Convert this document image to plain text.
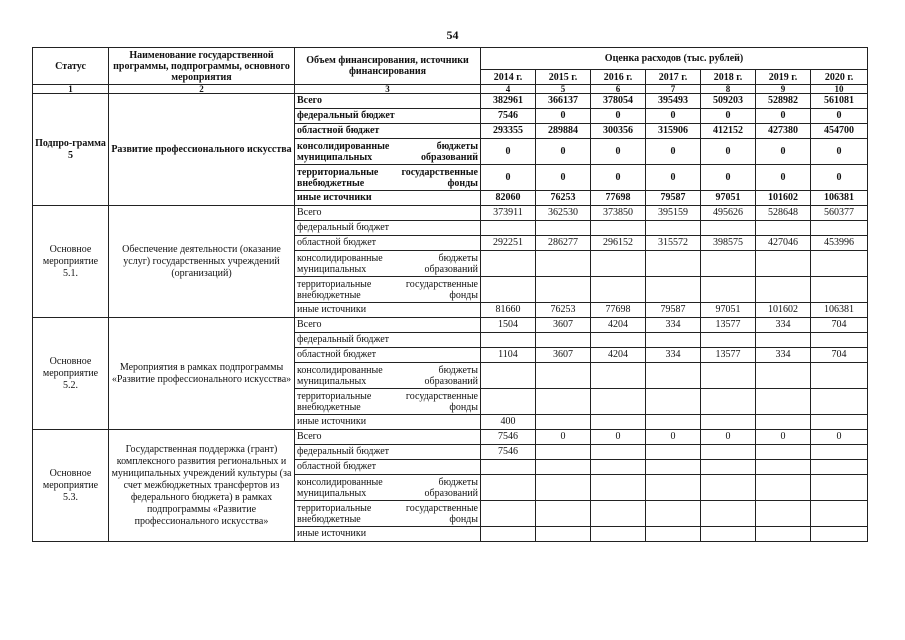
54
Статус	Наименование государственной программы, подпрограммы, основного мероприятия	Объем финансирования, источники финансирования	Оценка расходов (тыс. рублей)						
			2014 г.	2015 г.	2016 г.	2017 г.	2018 г.	2019 г.	2020 г.
1	2	3	4	5	6	7	8	9	10
Подпро-грамма 5	Развитие профессионального искусства	Всего	382961	366137	378054	395493	509203	528982	561081
		федеральный бюджет	7546	0	0	0	0	0	0
		областной бюджет	293355	289884	300356	315906	412152	427380	454700
		консолидированные бюджеты муниципальных образований	0	0	0	0	0	0	0
		территориальные государственные внебюджетные фонды	0	0	0	0	0	0	0
		иные источники	82060	76253	77698	79587	97051	101602	106381
Основное мероприятие 5.1.	Обеспечение деятельности (оказание услуг) государственных учреждений (организаций)	Всего	373911	362530	373850	395159	495626	528648	560377
		федеральный бюджет							
		областной бюджет	292251	286277	296152	315572	398575	427046	453996
		консолидированные бюджеты муниципальных образований							
		территориальные государственные внебюджетные фонды							
		иные источники	81660	76253	77698	79587	97051	101602	106381
Основное мероприятие 5.2.	Мероприятия в рамках подпрограммы «Развитие профессионального искусства»	Всего	1504	3607	4204	334	13577	334	704
		федеральный бюджет							
		областной бюджет	1104	3607	4204	334	13577	334	704
		консолидированные бюджеты муниципальных образований							
		территориальные государственные внебюджетные фонды							
		иные источники	400						
Основное мероприятие 5.3.	Государственная поддержка (грант) комплексного развития региональных и муниципальных учреждений культуры (за счет межбюджетных трансфертов из федерального бюджета) в рамках подпрограммы «Развитие профессионального искусства»	Всего	7546	0	0	0	0	0	0
		федеральный бюджет	7546						
		областной бюджет							
		консолидированные бюджеты муниципальных образований							
		территориальные государственные внебюджетные фонды							
		иные источники							
